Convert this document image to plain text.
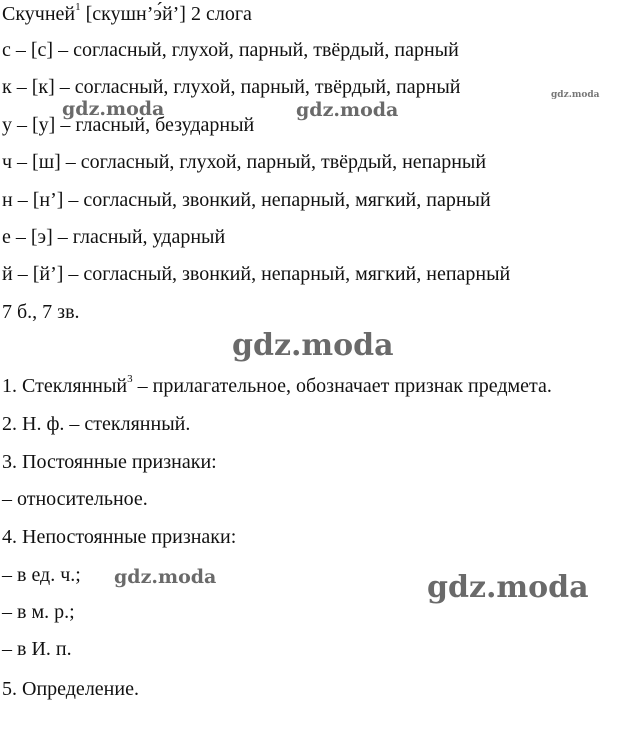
Скучней$^1$ [скушн’э́й’] 2 слога
с – [с] – согласный, глухой, парный, твёрдый, парный
к – [к] – согласный, глухой, парный, твёрдый, парный
у – [у] – гласный, безударный
ч – [ш] – согласный, глухой, парный, твёрдый, непарный
н – [н’] – согласный, звонкий, непарный, мягкий, парный
е – [э] – гласный, ударный
й – [й’] – согласный, звонкий, непарный, мягкий, непарный
7 б., 7 зв.
1. Стеклянный$^3$ – прилагательное, обозначает признак предмета.
2. Н. ф. – стеклянный.
3. Постоянные признаки:
– относительное.
4. Непостоянные признаки:
– в ед. ч.;
– в м. р.;
– в И. п.
5. Определение.
gdz.moda
gdz.moda	gdz.moda
gdz.moda
gdz.moda	gdz.moda
